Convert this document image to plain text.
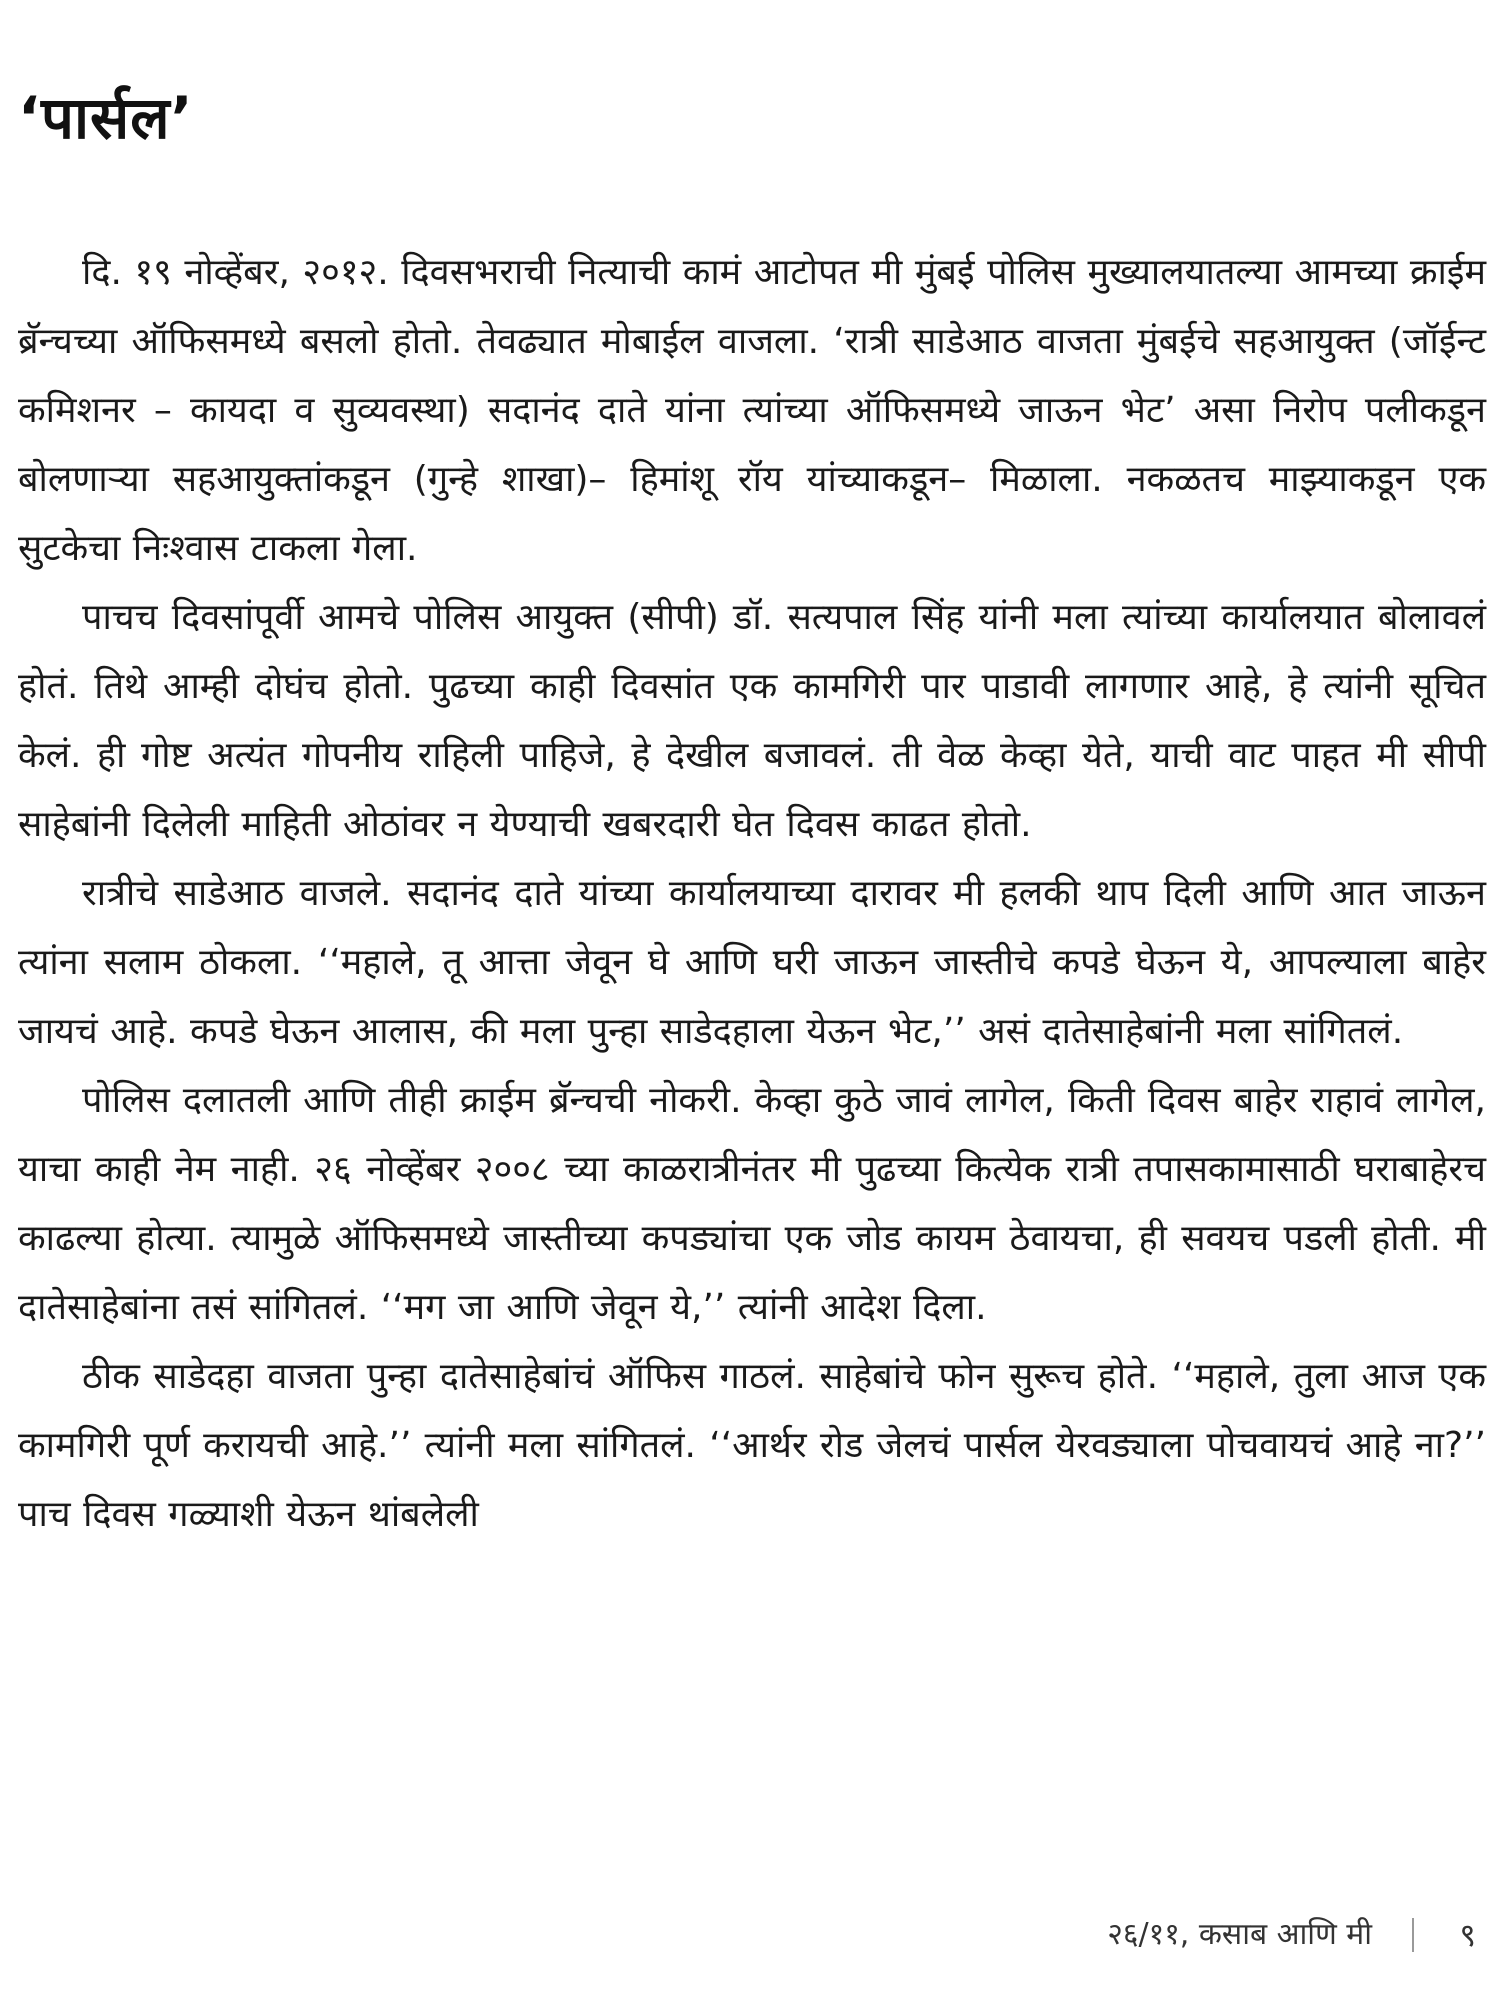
‘पार्सल’

दि. १९ नोव्हेंबर, २०१२. दिवसभराची नित्याची कामं आटोपत मी मुंबई पोलिस मुख्यालयातल्या आमच्या क्राईम ब्रॅन्चच्या ऑफिसमध्ये बसलो होतो. तेवढ्यात मोबाईल वाजला. ‘रात्री साडेआठ वाजता मुंबईचे सहआयुक्त (जॉईन्ट कमिशनर – कायदा व सुव्यवस्था) सदानंद दाते यांना त्यांच्या ऑफिसमध्ये जाऊन भेट’ असा निरोप पलीकडून बोलणाऱ्या सहआयुक्तांकडून (गुन्हे शाखा)– हिमांशू रॉय यांच्याकडून– मिळाला. नकळतच माझ्याकडून एक सुटकेचा निःश्वास टाकला गेला.

पाचच दिवसांपूर्वी आमचे पोलिस आयुक्त (सीपी) डॉ. सत्यपाल सिंह यांनी मला त्यांच्या कार्यालयात बोलावलं होतं. तिथे आम्ही दोघंच होतो. पुढच्या काही दिवसांत एक कामगिरी पार पाडावी लागणार आहे, हे त्यांनी सूचित केलं. ही गोष्ट अत्यंत गोपनीय राहिली पाहिजे, हे देखील बजावलं. ती वेळ केव्हा येते, याची वाट पाहत मी सीपी साहेबांनी दिलेली माहिती ओठांवर न येण्याची खबरदारी घेत दिवस काढत होतो.

रात्रीचे साडेआठ वाजले. सदानंद दाते यांच्या कार्यालयाच्या दारावर मी हलकी थाप दिली आणि आत जाऊन त्यांना सलाम ठोकला. ‘‘महाले, तू आत्ता जेवून घे आणि घरी जाऊन जास्तीचे कपडे घेऊन ये, आपल्याला बाहेर जायचं आहे. कपडे घेऊन आलास, की मला पुन्हा साडेदहाला येऊन भेट,’’ असं दातेसाहेबांनी मला सांगितलं.

पोलिस दलातली आणि तीही क्राईम ब्रॅन्चची नोकरी. केव्हा कुठे जावं लागेल, किती दिवस बाहेर राहावं लागेल, याचा काही नेम नाही. २६ नोव्हेंबर २००८ च्या काळरात्रीनंतर मी पुढच्या कित्येक रात्री तपासकामासाठी घराबाहेरच काढल्या होत्या. त्यामुळे ऑफिसमध्ये जास्तीच्या कपड्यांचा एक जोड कायम ठेवायचा, ही सवयच पडली होती. मी दातेसाहेबांना तसं सांगितलं. ‘‘मग जा आणि जेवून ये,’’ त्यांनी आदेश दिला.

ठीक साडेदहा वाजता पुन्हा दातेसाहेबांचं ऑफिस गाठलं. साहेबांचे फोन सुरूच होते. ‘‘महाले, तुला आज एक कामगिरी पूर्ण करायची आहे.’’ त्यांनी मला सांगितलं. ‘‘आर्थर रोड जेलचं पार्सल येरवड्याला पोचवायचं आहे ना?’’ पाच दिवस गळ्याशी येऊन थांबलेली

२६/११, कसाब आणि मी	९
